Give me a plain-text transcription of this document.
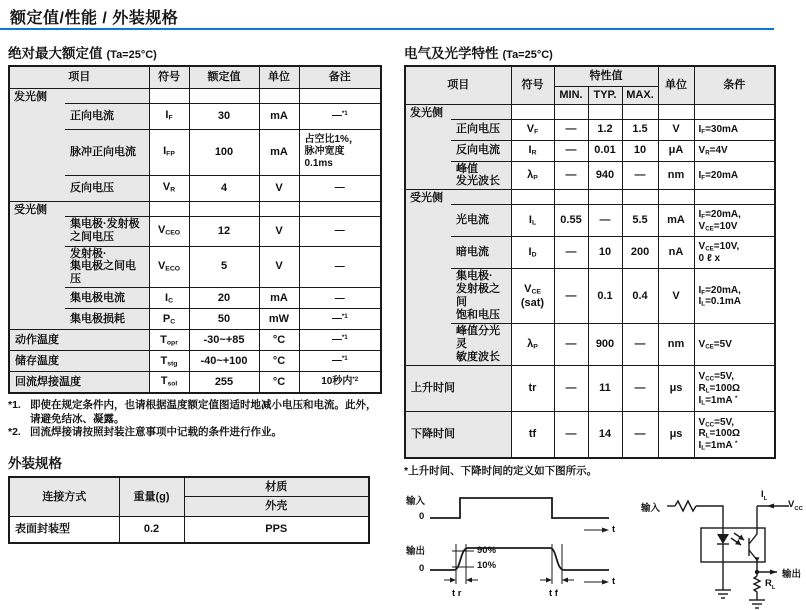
额定值/性能 / 外装规格
绝对最大额定值 (Ta=25°C)
项目		符号	额定值	单位	备注
发光侧					
	正向电流	$I_F$	30	mA	—$^{*1}$
	脉冲正向电流	$I_{FP}$	100	mA	占空比1%，
脉冲宽度
0.1ms
	反向电压	$V_R$	4	V	—
受光侧					
	集电极·发射极
之间电压	$V_{CEO}$	12	V	—
	发射极·
集电极之间电压	$V_{ECO}$	5	V	—
	集电极电流	$I_C$	20	mA	—
	集电极损耗	$P_C$	50	mW	—$^{*1}$
动作温度		$T_{opr}$	-30~+85	°C	—$^{*1}$
储存温度		$T_{stg}$	-40~+100	°C	—$^{*1}$
回流焊接温度		$T_{sol}$	255	°C	10秒内$^{*2}$
*1. 即使在规定条件内，也请根据温度额定值图适时地减小电压和电流。此外，请避免结冰、凝露。
*2. 回流焊接请按照封装注意事项中记载的条件进行作业。
外装规格
连接方式	重量(g)	材质
		外壳
表面封装型	0.2	PPS
电气及光学特性 (Ta=25°C)
项目		符号	特性值			单位	条件
			MIN.	TYP.	MAX.		
发光侧							
	正向电压	$V_F$	—	1.2	1.5	V	$I_F=30mA$
	反向电流	$I_R$	—	0.01	10	μA	$V_R=4V$
	峰值
发光波长	$\lambda_P$	—	940	—	nm	$I_F=20mA$
受光侧							
	光电流	$I_L$	0.55	—	5.5	mA	$I_F=20mA$,
$V_{CE}=10V$
	暗电流	$I_D$	—	10	200	nA	$V_{CE}=10V$,
0 ℓ x
	集电极·
发射极之间
饱和电压	$V_{CE}$
(sat)	—	0.1	0.4	V	$I_F=20mA$,
$I_L=0.1mA$
	峰值分光灵
敏度波长	$\lambda_P$	—	900	—	nm	$V_{CE}=5V$
上升时间		tr	—	11	—	μs	$V_{CC}=5V$,
$R_L=100\Omega$
$I_L=1mA$ *
下降时间		tf	—	14	—	μs	$V_{CC}=5V$,
$R_L=100\Omega$
$I_L=1mA$ *
*上升时间、下降时间的定义如下图所示。
输入
0
t
输出
0
90%
10%
t r	t f
t
输入
$I_L$
$V_{CC}$
输出
$R_L$
